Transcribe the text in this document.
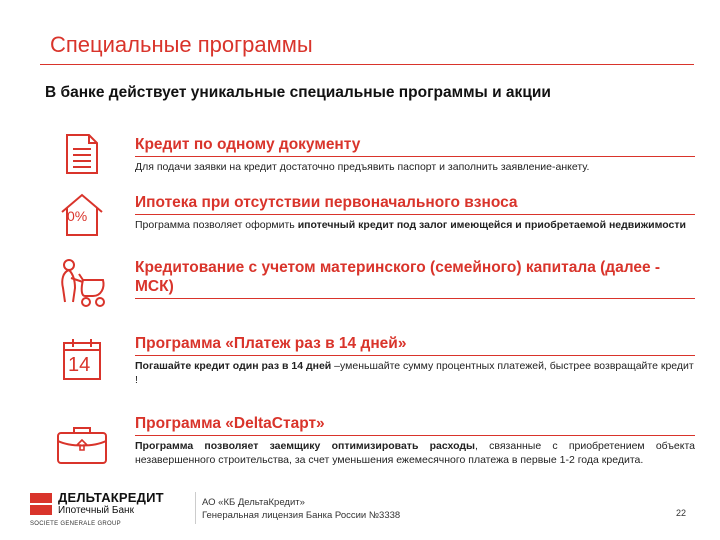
Специальные программы
В банке действует уникальные специальные программы и акции
Кредит по одному документу
Для подачи заявки на кредит достаточно предъявить паспорт и заполнить заявление-анкету.
0%
Ипотека при отсутствии первоначального взноса
Программа позволяет оформить ипотечный кредит под залог имеющейся и приобретаемой недвижимости
Кредитование с учетом материнского (семейного) капитала (далее - МСК)
14
Программа «Платеж раз в 14 дней»
Погашайте кредит один раз в 14 дней –уменьшайте сумму процентных платежей, быстрее возвращайте кредит !
Программа «DeltaСтарт»
Программа позволяет заемщику оптимизировать расходы, связанные с приобретением объекта незавершенного строительства, за счет уменьшения ежемесячного платежа в первые 1-2 года кредита.
ДЕЛЬТАКРЕДИТ
Ипотечный Банк
SOCIETE GENERALE GROUP
АО «КБ ДельтаКредит»
Генеральная лицензия Банка России №3338	22
